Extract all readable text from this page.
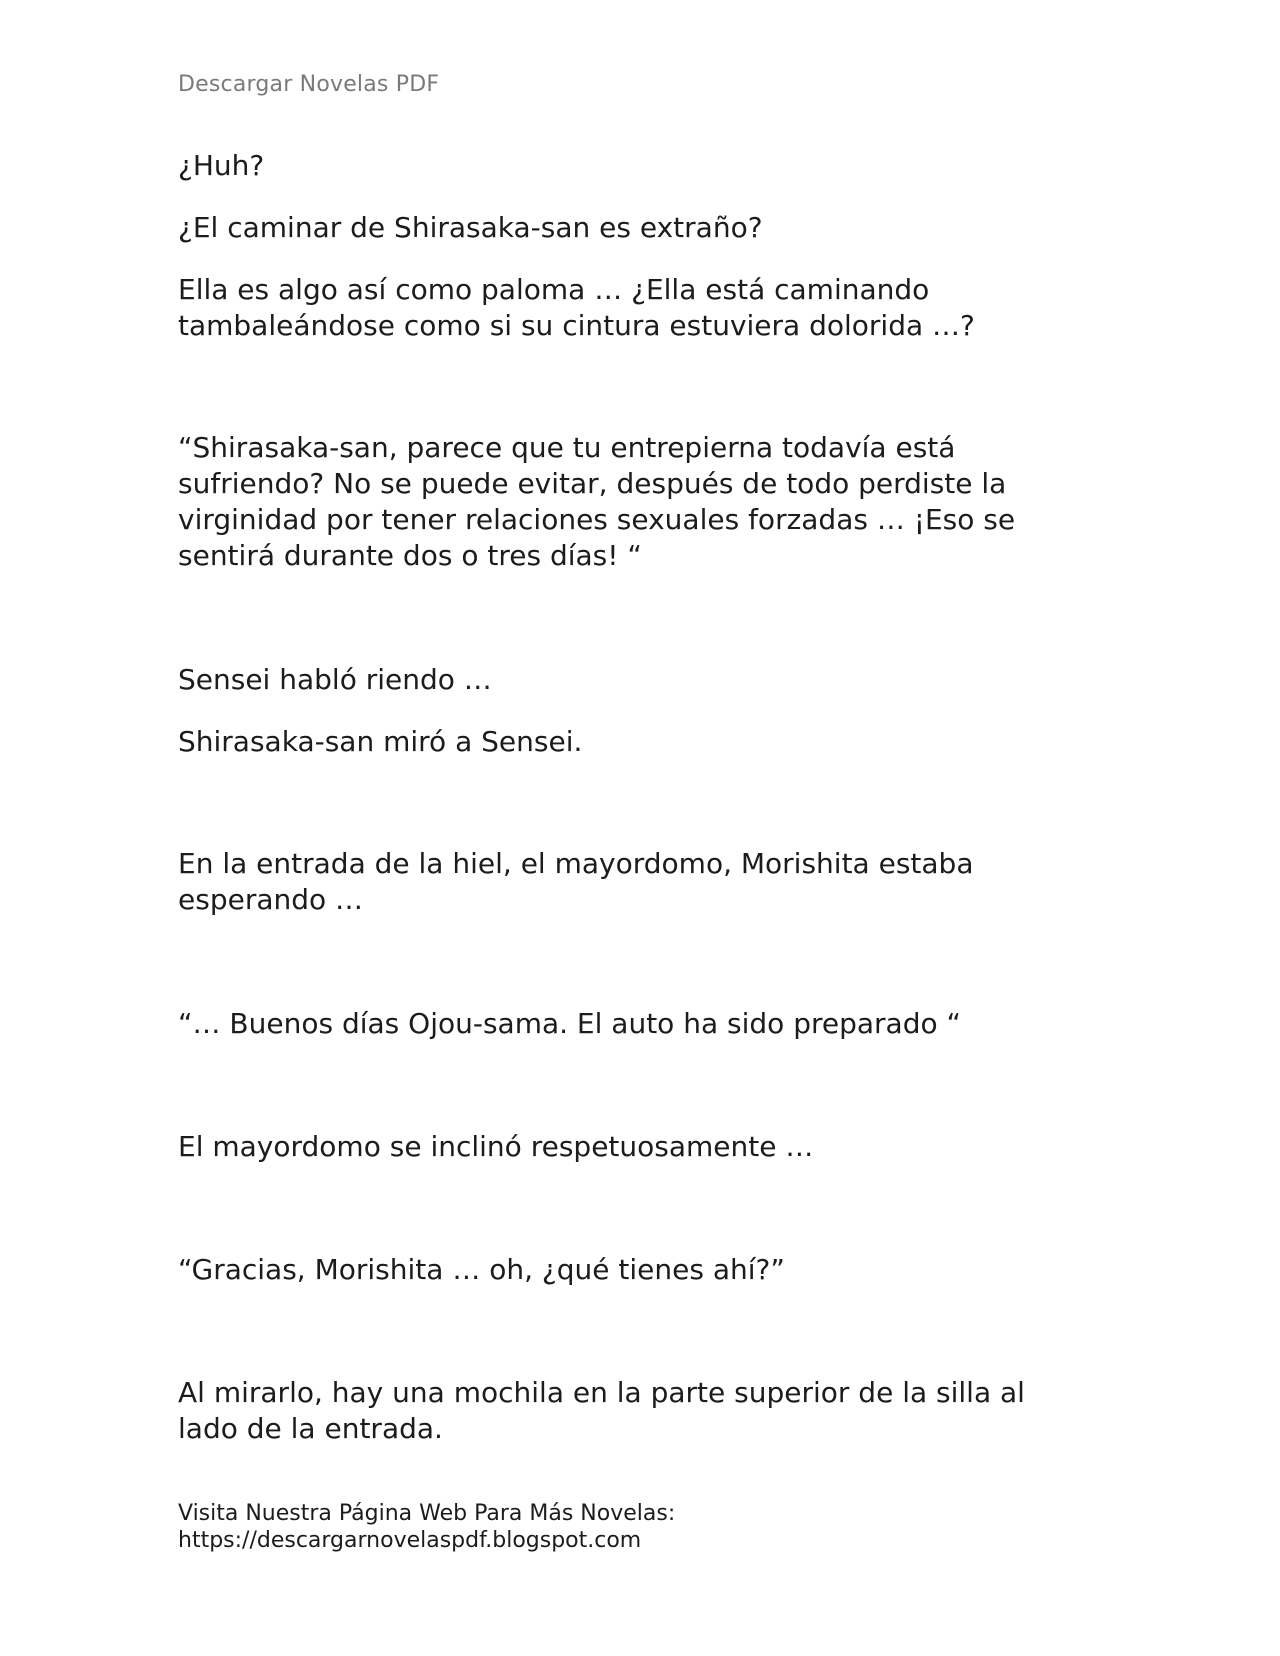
Descargar Novelas PDF

¿Huh?

¿El caminar de Shirasaka-san es extraño?

Ella es algo así como paloma … ¿Ella está caminando
tambaleándose como si su cintura estuviera dolorida …?

“Shirasaka-san, parece que tu entrepierna todavía está
sufriendo? No se puede evitar, después de todo perdiste la
virginidad por tener relaciones sexuales forzadas … ¡Eso se
sentirá durante dos o tres días! “

Sensei habló riendo …

Shirasaka-san miró a Sensei.

En la entrada de la hiel, el mayordomo, Morishita estaba
esperando …

“… Buenos días Ojou-sama. El auto ha sido preparado “

El mayordomo se inclinó respetuosamente …

“Gracias, Morishita … oh, ¿qué tienes ahí?”

Al mirarlo, hay una mochila en la parte superior de la silla al
lado de la entrada.

Visita Nuestra Página Web Para Más Novelas:
https://descargarnovelaspdf.blogspot.com
